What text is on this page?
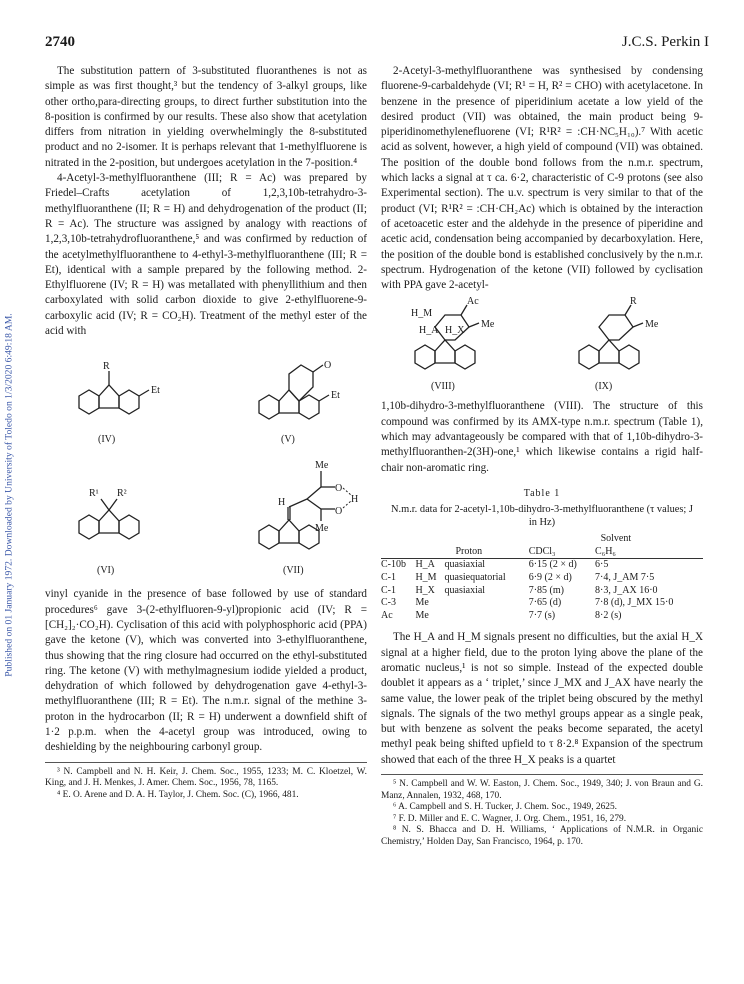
Published on 01 January 1972. Downloaded by University of Toledo on 1/3/2020 6:49:18 AM.
2740	J.C.S. Perkin I

The substitution pattern of 3-substituted fluoranthenes is not as simple as was first thought,³ but the tendency of 3-alkyl groups, like other ortho,para-directing groups, to direct further substitution into the 8-position is confirmed by our results. These also show that acetylation differs from nitration in yielding overwhelmingly the 8-substituted product and no 2-isomer. It is perhaps relevant that 1-methylfluorene is nitrated in the 2-position, but undergoes acetylation in the 7-position.⁴

4-Acetyl-3-methylfluoranthene (III; R = Ac) was prepared by Friedel–Crafts acetylation of 1,2,3,10b-tetrahydro-3-methylfluoranthene (II; R = H) and dehydrogenation of the product (II; R = Ac). The structure was assigned by analogy with reactions of 1,2,3,10b-tetrahydrofluoranthene,⁵ and was confirmed by reduction of the acetylmethylfluoranthene to 4-ethyl-3-methylfluoranthene (III; R = Et), identical with a sample prepared by the following method. 2-Ethylfluorene (IV; R = H) was metallated with phenyllithium and then carboxylated with solid carbon dioxide to give 2-ethylfluorene-9-carboxylic acid (IV; R = CO₂H). Treatment of the methyl ester of the acid with

R
Et
(IV)
O
Et
(V)
R¹ R²
(VI)
Me
Me
O
O
H
H
(VII)

vinyl cyanide in the presence of base followed by use of standard procedures⁶ gave 3-(2-ethylfluoren-9-yl)propionic acid (IV; R = [CH₂]₂·CO₂H). Cyclisation of this acid with polyphosphoric acid (PPA) gave the ketone (V), which was converted into 3-ethylfluoranthene, thus showing that the ring closure had occurred on the ethyl-substituted ring. The ketone (V) with methylmagnesium iodide yielded a product, dehydration of which followed by dehydrogenation gave 4-ethyl-3-methylfluoranthene (III; R = Et). The n.m.r. signal of the methine 3-proton in the hydrocarbon (II; R = H) underwent a downfield shift of 1·2 p.p.m. when the 4-acetyl group was introduced, owing to deshielding by the neighbouring carbonyl group.

³ N. Campbell and N. H. Keir, J. Chem. Soc., 1955, 1233; M. C. Kloetzel, W. King, and J. H. Menkes, J. Amer. Chem. Soc., 1956, 78, 1165.

⁴ E. O. Arene and D. A. H. Taylor, J. Chem. Soc. (C), 1966, 481.

2-Acetyl-3-methylfluoranthene was synthesised by condensing fluorene-9-carbaldehyde (VI; R¹ = H, R² = CHO) with acetylacetone. In benzene in the presence of piperidinium acetate a low yield of the desired product (VII) was obtained, the main product being 9-piperidinomethylenefluorene (VI; R¹R² = :CH·NC₅H₁₀).⁷ With acetic acid as solvent, however, a high yield of compound (VII) was obtained. The position of the double bond follows from the n.m.r. spectrum, which lacks a signal at τ ca. 6·2, characteristic of C-9 protons (see also Experimental section). The u.v. spectrum is very similar to that of the product (VI; R¹R² = :CH·CH₂Ac) which is obtained by the interaction of acetoacetic ester and the aldehyde in the presence of piperidine and acetic acid, condensation being accompanied by decarboxylation. Here, the position of the double bond is established conclusively by the n.m.r. spectrum. Hydrogenation of the ketone (VII) followed by cyclisation with PPA gave 2-acetyl-

H_M
H_A H_X
Ac
Me
(VIII)
R
Me
(IX)

1,10b-dihydro-3-methylfluoranthene (VIII). The structure of this compound was confirmed by its AMX-type n.m.r. spectrum (Table 1), which may advantageously be compared with that of 1,10b-dihydro-3-methylfluoranthen-2(3H)-one,¹ which likewise contains a rigid half-chair non-aromatic ring.

Table 1
N.m.r. data for 2-acetyl-1,10b-dihydro-3-methylfluoranthene (τ values; J in Hz)
			Solvent	
	Proton		CDCl₃	C₆H₆
C-10b	H_A	quasiaxial	6·15 (2 × d)	6·5
C-1	H_M	quasiequatorial	6·9 (2 × d)	7·4, J_AM 7·5
C-1	H_X	quasiaxial	7·85 (m)	8·3, J_AX 16·0
C-3	Me		7·65 (d)	7·8 (d), J_MX 15·0
Ac	Me		7·7 (s)	8·2 (s)

The H_A and H_M signals present no difficulties, but the axial H_X signal at a higher field, due to the proton lying above the plane of the aromatic nucleus,¹ is not so simple. Instead of the expected double doublet it appears as a ‘ triplet,’ since J_MX and J_AX have nearly the same value, the lower peak of the triplet being obscured by the methyl signals. The signals of the two methyl groups appear as a single peak, but with benzene as solvent the peaks become separated, the acetyl methyl peak being shifted upfield to τ 8·2.⁸ Expansion of the spectrum showed that each of the three H_X peaks is a quartet

⁵ N. Campbell and W. W. Easton, J. Chem. Soc., 1949, 340; J. von Braun and G. Manz, Annalen, 1932, 468, 170.

⁶ A. Campbell and S. H. Tucker, J. Chem. Soc., 1949, 2625.

⁷ F. D. Miller and E. C. Wagner, J. Org. Chem., 1951, 16, 279.

⁸ N. S. Bhacca and D. H. Williams, ‘ Applications of N.M.R. in Organic Chemistry,’ Holden Day, San Francisco, 1964, p. 170.
